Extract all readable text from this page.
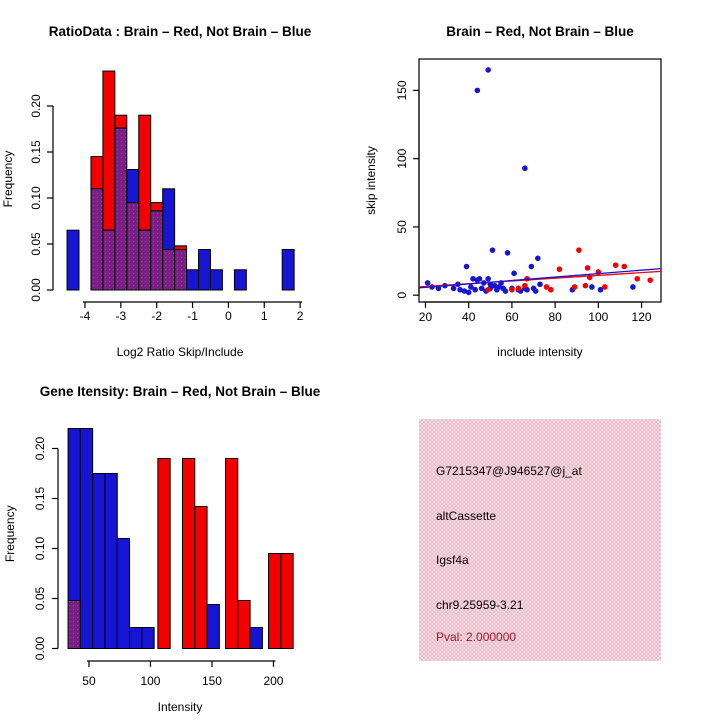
RatioData : Brain – Red, Not Brain – Blue
0.00
0.05
0.10
0.15
0.20
-4 -3 -2 -1 0 1 2
Log2 Ratio Skip/Include
Frequency
Brain – Red, Not Brain – Blue
0
50
100
150
20 40 60 80 100 120
include intensity
skip intensity
Gene Itensity: Brain – Red, Not Brain – Blue
0.00
0.05
0.10
0.15
0.20
50	100	150	200
Intensity
Frequency
G7215347@J946527@j_at
altCassette
Igsf4a
chr9.25959-3.21
Pval: 2.000000
